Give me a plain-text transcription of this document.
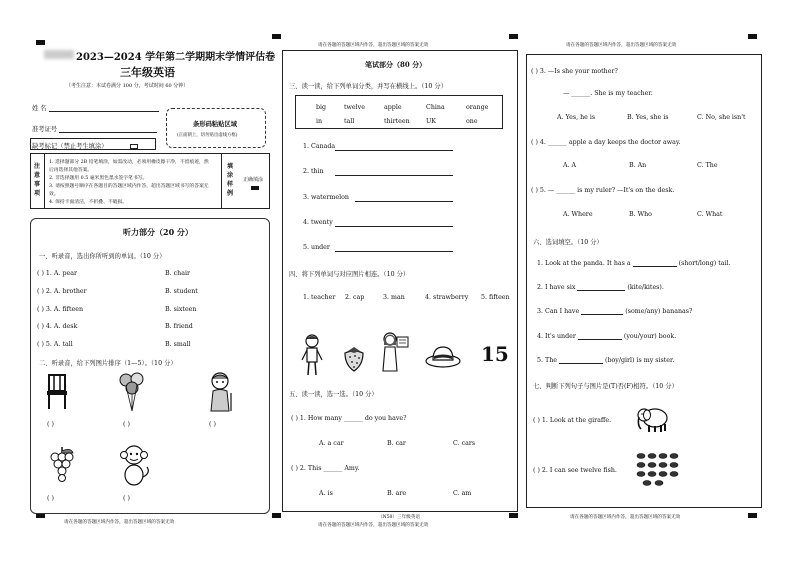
2023—2024 学年第二学期期末学情评估卷
三年级英语
（考生注意：本试卷满分 100 分，考试时间 60 分钟）
姓 名
准考证号
缺考标记（禁止考生填涂）
条形码粘贴区域
(正面朝上，切勿贴出虚线方框)
注意事项
1. 选择题部分 2B 铅笔填涂，如需改动，必须用橡皮擦干净，不留痕迹，然后再选择其他答案。
2. 非选择题用 0.5 毫米黑色墨水签字笔书写。
3. 请按照题号顺序在各题目的答题区域内作答，超出答题区域书写的答案无效。
4. 保持卡面清洁，不折叠、不破损。
填涂样例
正确填涂
听力部分（20 分）
一、听录音，选出你所听到的单词。（10 分）
( ) 1. A. pear	B. chair
( ) 2. A. brother	B. student
( ) 3. A. fifteen	B. sixteen
( ) 4. A. desk	B. friend
( ) 5. A. tall	B. small
二、听录音，给下列图片排序（1—5）。（10 分）
( )	( )	( )
( )	( )
请在各题的答题区域内作答，超出答题区域的答案无效
请在各题的答题区域内作答，超出答题区域的答案无效
笔试部分（80 分）
三、读一读，给下列单词分类，并写在横线上。（10 分）
big	twelve	apple	China	orange
in	tall	thirteen	UK	one
1. Canada
2. thin
3. watermelon
4. twenty
5. under
四、将下列单词与对应图片相连。（10 分）
1. teacher 2. cap	3. man	4. strawberry 5. fifteen
15
五、读一读，选一选。（10 分）
( ) 1. How many ______ do you have?
A. a car	B. car	C. cars
( ) 2. This ______ Amy.
A. is	B. are	C. am
（N58）三年级英语
请在各题的答题区域内作答，超出答题区域的答案无效
请在各题的答题区域内作答，超出答题区域的答案无效
( ) 3. —Is she your mother?
— ______. She is my teacher.
A. Yes, he is	B. Yes, she is	C. No, she isn't
( ) 4. ______ apple a day keeps the doctor away.
A. A	B. An	C. The
( ) 5. — ______ is my ruler? —It's on the desk.
A. Where	B. Who	C. What
六、选词填空。（10 分）
1. Look at the panda. It has a	(short/long) tail.
2. I have six	(kite/kites).
3. Can I have	(some/any) bananas?
4. It's under	(you/your) book.
5. The	(boy/girl) is my sister.
七、判断下列句子与图片是(T)否(F)相符。（10 分）
( ) 1. Look at the giraffe.
( ) 2. I can see twelve fish.
请在各题的答题区域内作答，超出答题区域的答案无效
